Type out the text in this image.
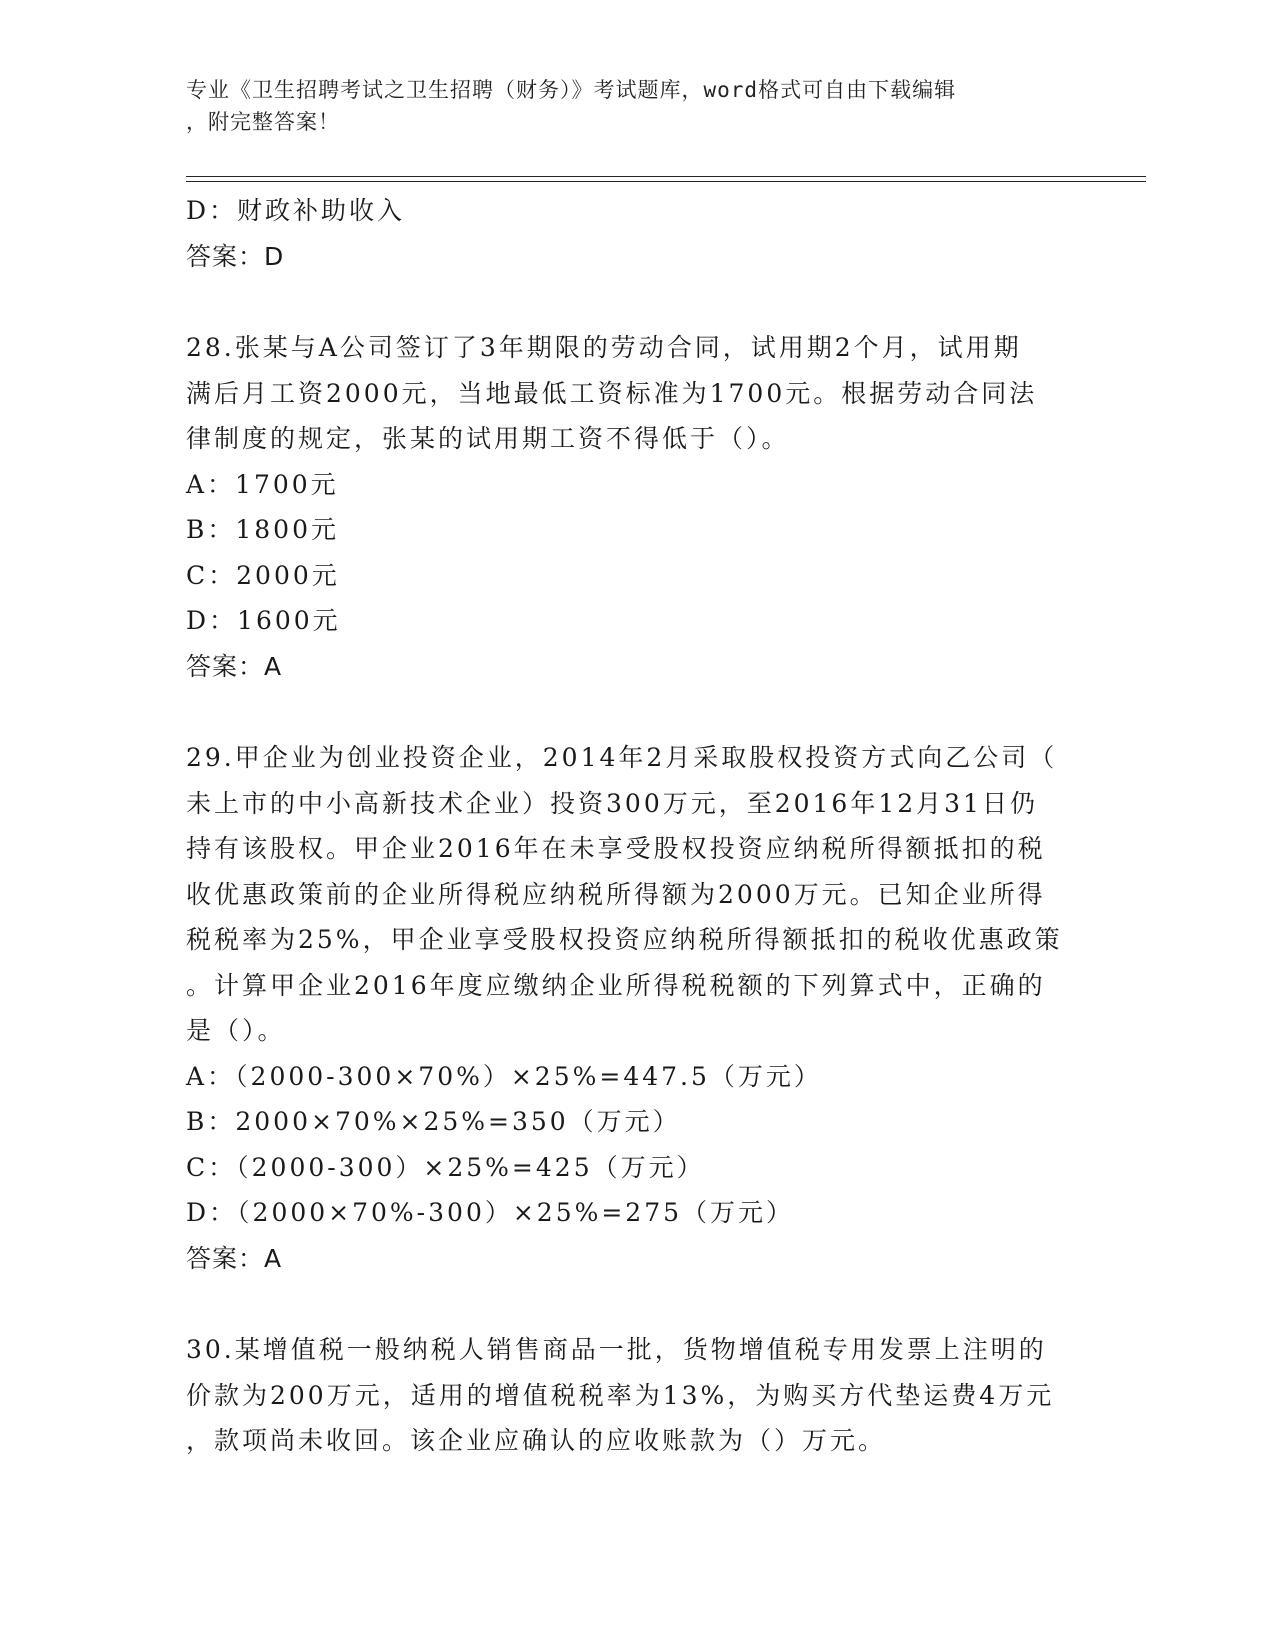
专业《卫生招聘考试之卫生招聘（财务）》考试题库，word格式可自由下载编辑
，附完整答案！
D：财政补助收入
答案：D
28.张某与A公司签订了3年期限的劳动合同，试用期2个月，试用期
满后月工资2000元，当地最低工资标准为1700元。根据劳动合同法
律制度的规定，张某的试用期工资不得低于（）。
A：1700元
B：1800元
C：2000元
D：1600元
答案：A
29.甲企业为创业投资企业，2014年2月采取股权投资方式向乙公司（
未上市的中小高新技术企业）投资300万元，至2016年12月31日仍
持有该股权。甲企业2016年在未享受股权投资应纳税所得额抵扣的税
收优惠政策前的企业所得税应纳税所得额为2000万元。已知企业所得
税税率为25%，甲企业享受股权投资应纳税所得额抵扣的税收优惠政策
。计算甲企业2016年度应缴纳企业所得税税额的下列算式中，正确的
是（）。
A：（2000-300×70%）×25%=447.5（万元）
B：2000×70%×25%=350（万元）
C：（2000-300）×25%=425（万元）
D：（2000×70%-300）×25%=275（万元）
答案：A
30.某增值税一般纳税人销售商品一批，货物增值税专用发票上注明的
价款为200万元，适用的增值税税率为13%，为购买方代垫运费4万元
，款项尚未收回。该企业应确认的应收账款为（）万元。
